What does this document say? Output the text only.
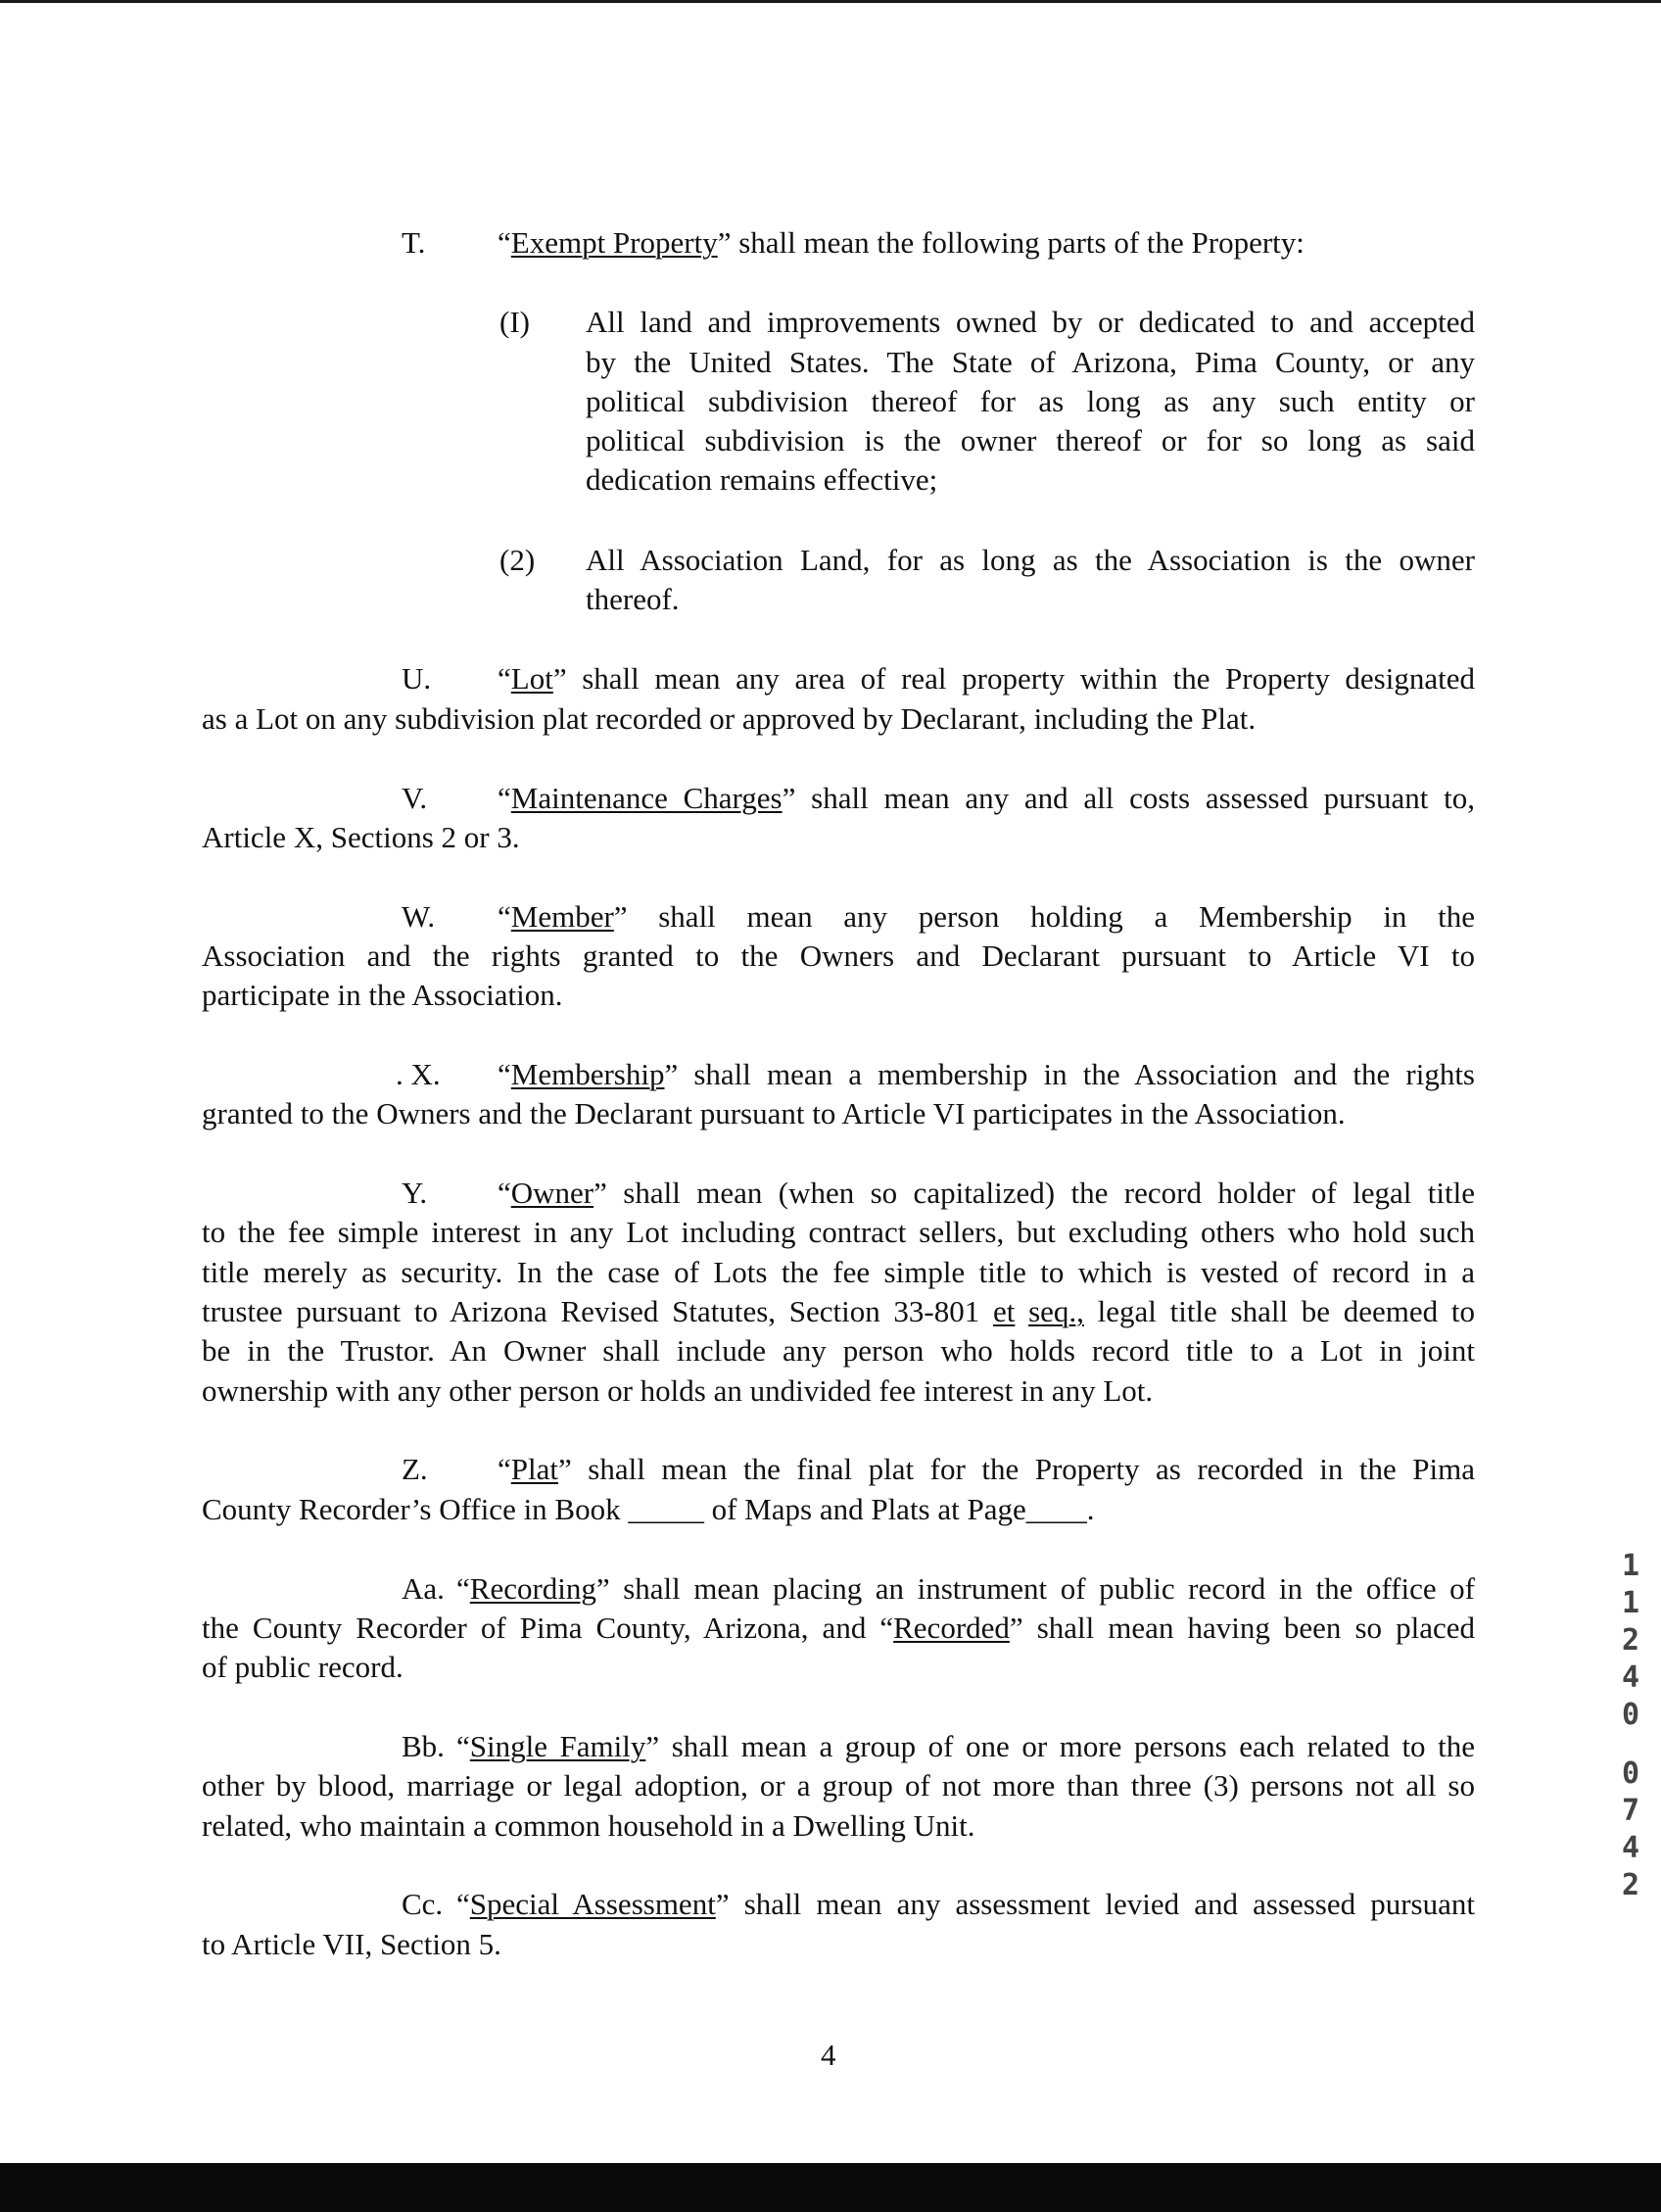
T. “Exempt Property” shall mean the following parts of the Property:
(I) All land and improvements owned by or dedicated to and accepted
by the United States. The State of Arizona, Pima County, or any
political subdivision thereof for as long as any such entity or
political subdivision is the owner thereof or for so long as said
dedication remains effective;
(2) All Association Land, for as long as the Association is the owner
thereof.
U. “Lot” shall mean any area of real property within the Property designated
as a Lot on any subdivision plat recorded or approved by Declarant, including the Plat.
V. “Maintenance Charges” shall mean any and all costs assessed pursuant to,
Article X, Sections 2 or 3.
W. “Member” shall mean any person holding a Membership in the
Association and the rights granted to the Owners and Declarant pursuant to Article VI to
participate in the Association.
. X. “Membership” shall mean a membership in the Association and the rights
granted to the Owners and the Declarant pursuant to Article VI participates in the Association.
Y. “Owner” shall mean (when so capitalized) the record holder of legal title
to the fee simple interest in any Lot including contract sellers, but excluding others who hold such
title merely as security. In the case of Lots the fee simple title to which is vested of record in a
trustee pursuant to Arizona Revised Statutes, Section 33-801 et seq., legal title shall be deemed to
be in the Trustor. An Owner shall include any person who holds record title to a Lot in joint
ownership with any other person or holds an undivided fee interest in any Lot.
Z. “Plat” shall mean the final plat for the Property as recorded in the Pima
County Recorder’s Office in Book _____ of Maps and Plats at Page____.
Aa. “Recording” shall mean placing an instrument of public record in the office of
the County Recorder of Pima County, Arizona, and “Recorded” shall mean having been so placed
of public record.
Bb. “Single Family” shall mean a group of one or more persons each related to the
other by blood, marriage or legal adoption, or a group of not more than three (3) persons not all so
related, who maintain a common household in a Dwelling Unit.
Cc. “Special Assessment” shall mean any assessment levied and assessed pursuant
to Article VII, Section 5.
4
1
1
2
4
0
0
7
4
2
